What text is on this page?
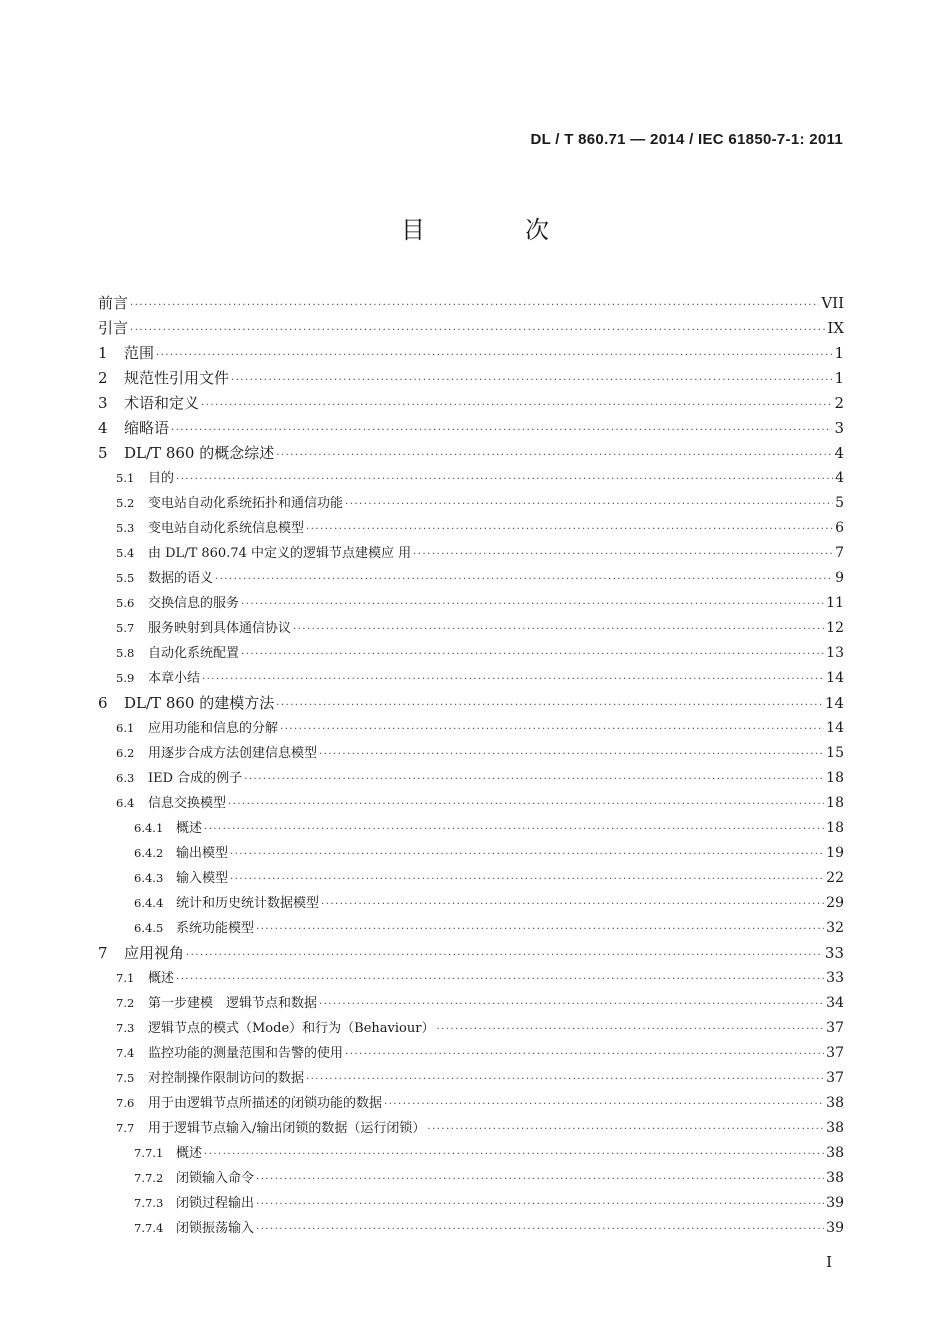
DL / T 860.71 — 2014 / IEC 61850-7-1: 2011
目　次
前言 ·····	VII
引言 ·····	IX
1	范围 ·····	1
2	规范性引用文件 ·····	1
3	术语和定义 ·····	2
4	缩略语 ·····	3
5	DL/T 860 的概念综述 ·····	4
5.1	目的 ·····	4
5.2	变电站自动化系统拓扑和通信功能 ·····	5
5.3	变电站自动化系统信息模型 ·····	6
5.4	由 DL/T 860.74 中定义的逻辑节点建模应 用 ·····	7
5.5	数据的语义 ·····	9
5.6	交换信息的服务 ·····	11
5.7	服务映射到具体通信协议 ·····	12
5.8	自动化系统配置 ·····	13
5.9	本章小结 ·····	14
6	DL/T 860 的建模方法 ·····	14
6.1	应用功能和信息的分解 ·····	14
6.2	用逐步合成方法创建信息模型 ·····	15
6.3	IED 合成的例子 ·····	18
6.4	信息交换模型 ·····	18
6.4.1 概述 ·····	18
6.4.2 输出模型 ·····	19
6.4.3 输入模型 ·····	22
6.4.4 统计和历史统计数据模型 ·····	29
6.4.5 系统功能模型 ·····	32
7	应用视角 ·····	33
7.1	概述 ·····	33
7.2	第一步建模　逻辑节点和数据 ·····	34
7.3	逻辑节点的模式（Mode）和行为（Behaviour） ·····	37
7.4	监控功能的测量范围和告警的使用 ·····	37
7.5	对控制操作限制访问的数据 ·····	37
7.6	用于由逻辑节点所描述的闭锁功能的数据 ·····	38
7.7	用于逻辑节点输入/输出闭锁的数据（运行闭锁） ·····	38
7.7.1 概述 ·····	38
7.7.2 闭锁输入命令 ·····	38
7.7.3 闭锁过程输出 ·····	39
7.7.4 闭锁振荡输入 ·····	39
I
